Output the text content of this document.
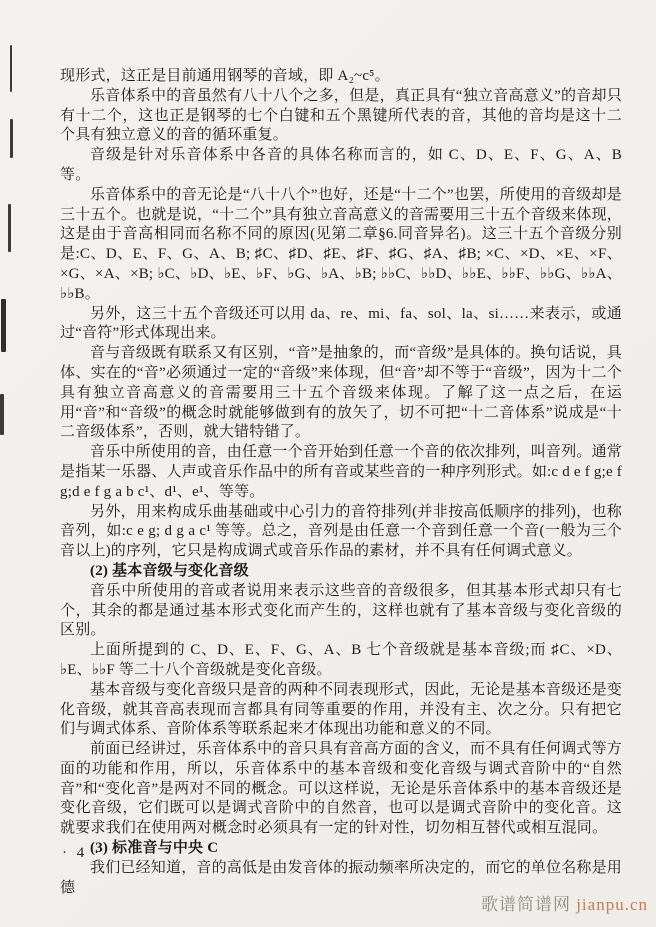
现形式，这正是目前通用钢琴的音域，即 A₂~c⁵。

乐音体系中的音虽然有八十八个之多，但是，真正具有“独立音高意义”的音却只有十二个，这也正是钢琴的七个白键和五个黑键所代表的音，其他的音均是这十二个具有独立意义的音的循环重复。

音级是针对乐音体系中各音的具体名称而言的，如 C、D、E、F、G、A、B 等。

乐音体系中的音无论是“八十八个”也好，还是“十二个”也罢，所使用的音级却是三十五个。也就是说，“十二个”具有独立音高意义的音需要用三十五个音级来体现，这是由于音高相同而名称不同的原因(见第二章§6.同音异名)。这三十五个音级分别是:C、D、E、F、G、A、B; ♯C、♯D、♯E、♯F、♯G、♯A、♯B; ×C、×D、×E、×F、×G、×A、×B; ♭C、♭D、♭E、♭F、♭G、♭A、♭B; ♭♭C、♭♭D、♭♭E、♭♭F、♭♭G、♭♭A、♭♭B。

另外，这三十五个音级还可以用 da、re、mi、fa、sol、la、si……来表示，或通过“音符”形式体现出来。

音与音级既有联系又有区别，“音”是抽象的，而“音级”是具体的。换句话说，具体、实在的“音”必须通过一定的“音级”来体现，但“音”却不等于“音级”，因为十二个具有独立音高意义的音需要用三十五个音级来体现。了解了这一点之后，在运用“音”和“音级”的概念时就能够做到有的放矢了，切不可把“十二音体系”说成是“十二音级体系”，否则，就大错特错了。

音乐中所使用的音，由任意一个音开始到任意一个音的依次排列，叫音列。通常是指某一乐器、人声或音乐作品中的所有音或某些音的一种序列形式。如:c d e f g;e f g;d e f g a b c¹、d¹、e¹、等等。

另外，用来构成乐曲基础或中心引力的音符排列(并非按高低顺序的排列)，也称音列，如:c e g; d g a c¹ 等等。总之，音列是由任意一个音到任意一个音(一般为三个音以上)的序列，它只是构成调式或音乐作品的素材，并不具有任何调式意义。

(2) 基本音级与变化音级

音乐中所使用的音或者说用来表示这些音的音级很多，但其基本形式却只有七个，其余的都是通过基本形式变化而产生的，这样也就有了基本音级与变化音级的区别。

上面所提到的 C、D、E、F、G、A、B 七个音级就是基本音级;而 ♯C、×D、♭E、♭♭F 等二十八个音级就是变化音级。

基本音级与变化音级只是音的两种不同表现形式，因此，无论是基本音级还是变化音级，就其音高表现而言都具有同等重要的作用，并没有主、次之分。只有把它们与调式体系、音阶体系等联系起来才体现出功能和意义的不同。

前面已经讲过，乐音体系中的音只具有音高方面的含义，而不具有任何调式等方面的功能和作用，所以，乐音体系中的基本音级和变化音级与调式音阶中的“自然音”和“变化音”是两对不同的概念。可以这样说，无论是乐音体系中的基本音级还是变化音级，它们既可以是调式音阶中的自然音，也可以是调式音阶中的变化音。这就要求我们在使用两对概念时必须具有一定的针对性，切勿相互替代或相互混同。

(3) 标准音与中央 C

我们已经知道，音的高低是由发音体的振动频率所决定的，而它的单位名称是用德

· 4 ·
歌谱简谱网 jianpu.cn
